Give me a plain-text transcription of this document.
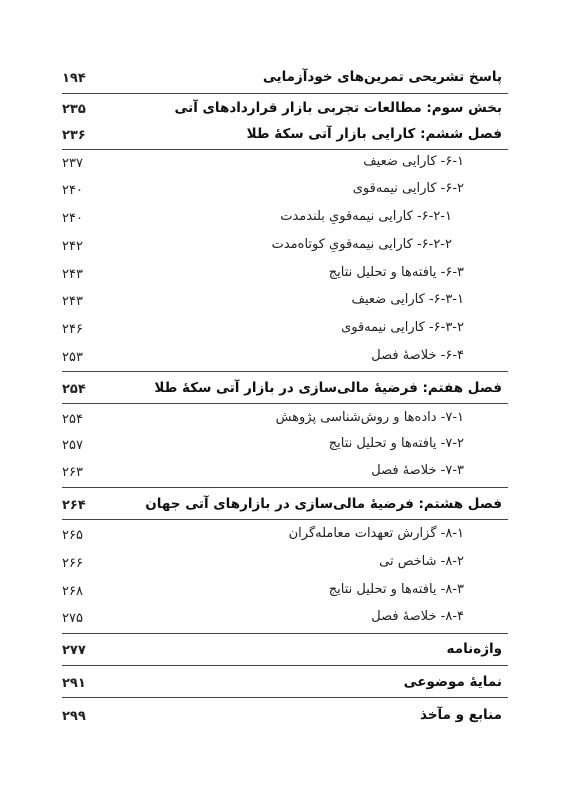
۱۹۴	پاسخ تشریحی تمرین‌های خودآزمایی
۲۳۵	بخش سوم: مطالعات تجربی بازار قراردادهای آتی
۲۳۶	فصل ششم: کارایی بازار آتی سکهٔ طلا
۲۳۷	۶-۱- کارایی ضعیف
۲۴۰	۶-۲- کارایی نیمه‌قوی
۲۴۰	۶-۲-۱- کارایی نیمه‌قویِ بلندمدت
۲۴۲	۶-۲-۲- کارایی نیمه‌قویِ کوتاه‌مدت
۲۴۳	۶-۳- یافته‌ها و تحلیل نتایج
۲۴۳	۶-۳-۱- کارایی ضعیف
۲۴۶	۶-۳-۲- کارایی نیمه‌قوی
۲۵۳	۶-۴- خلاصهٔ فصل
۲۵۴	فصل هفتم: فرضیهٔ مالی‌سازی در بازار آتی سکهٔ طلا
۲۵۴	۷-۱- داده‌ها و روش‌شناسی پژوهش
۲۵۷	۷-۲- یافته‌ها و تحلیل نتایج
۲۶۳	۷-۳- خلاصهٔ فصل
۲۶۴	فصل هشتم: فرضیهٔ مالی‌سازی در بازارهای آتی جهان
۲۶۵	۸-۱- گزارش تعهدات معامله‌گران
۲۶۶	۸-۲- شاخص تی
۲۶۸	۸-۳- یافته‌ها و تحلیل نتایج
۲۷۵	۸-۴- خلاصهٔ فصل
۲۷۷	واژه‌نامه
۲۹۱	نمایهٔ موضوعی
۲۹۹	منابع و مآخذ
